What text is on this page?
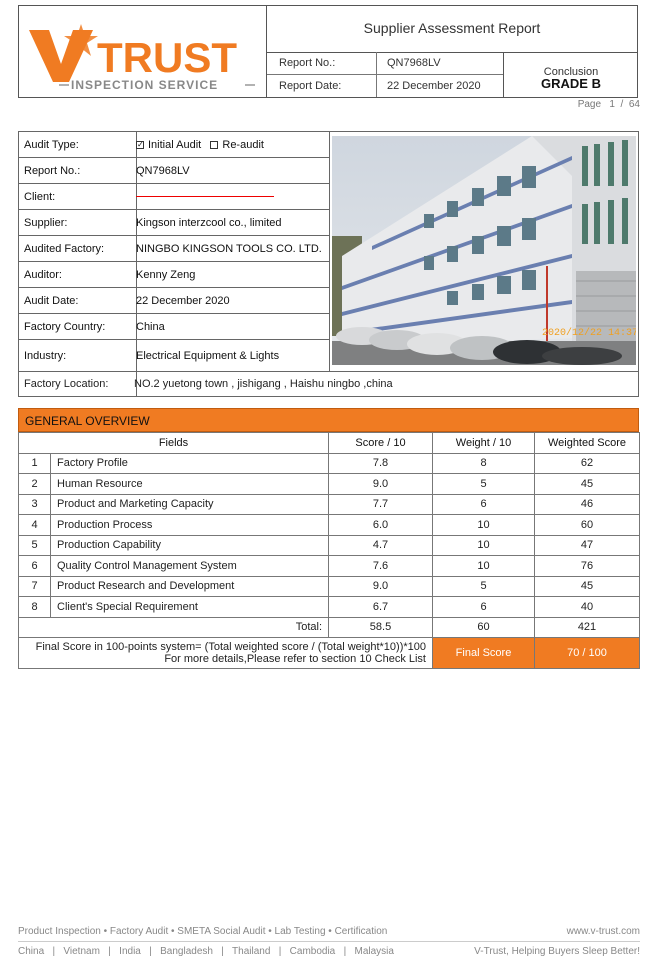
TRUST
INSPECTION SERVICE
Supplier Assessment Report
Report No.:	QN7968LV
Report Date:	22 December 2020
Conclusion
GRADE B
Page 1 / 64
Audit Type:	✓ Initial Audit
Re-audit
Report No.:	QN7968LV
Client:
Supplier:	Kingson interzcool co., limited
Audited Factory:	NINGBO KINGSON TOOLS CO. LTD.
Auditor:	Kenny Zeng
Audit Date:	22 December 2020
Factory Country:	China
Industry:	Electrical Equipment & Lights
2020/12/22 14:37
Factory Location:	NO.2 yuetong town , jishigang , Haishu ningbo ,china
GENERAL OVERVIEW
Fields		Score / 10	Weight / 10	Weighted Score
1	Factory Profile	7.8	8	62
2	Human Resource	9.0	5	45
3	Product and Marketing Capacity	7.7	6	46
4	Production Process	6.0	10	60
5	Production Capability	4.7	10	47
6	Quality Control Management System	7.6	10	76
7	Product Research and Development	9.0	5	45
8	Client's Special Requirement	6.7	6	40
Total:		58.5	60	421

Final Score in 100-points system= (Total weighted score / (Total weight*10))*100
For more details,Please refer to section 10 Check List			Final Score	70 / 100
Product Inspection • Factory Audit • SMETA Social Audit • Lab Testing • Certification	www.v-trust.com
China   |   Vietnam   |   India   |   Bangladesh   |   Thailand   |   Cambodia   |   Malaysia	V-Trust, Helping Buyers Sleep Better!
